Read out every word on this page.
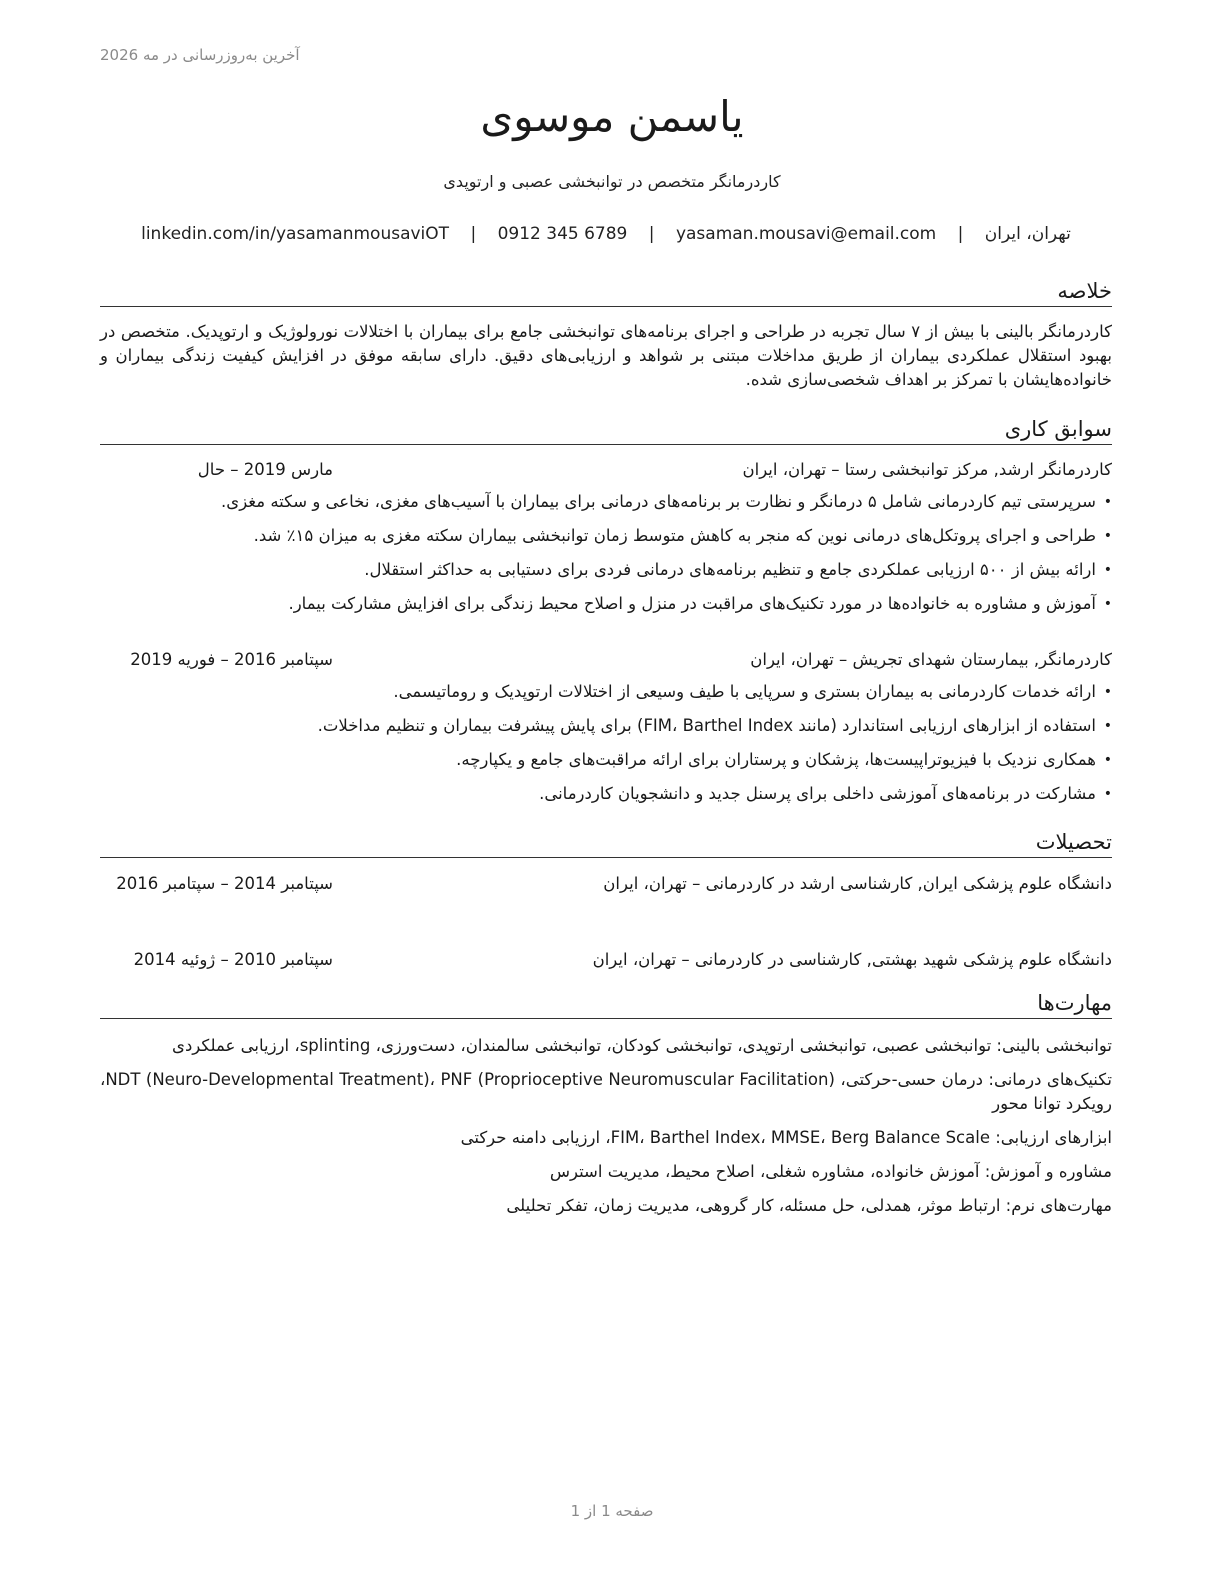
آخرین به‌روزرسانی در مه 2026
یاسمن موسوی
کاردرمانگر متخصص در توانبخشی عصبی و ارتوپدی
تهران، ایران | yasaman.mousavi@email.com | 0912 345 6789 | linkedin.com/in/yasamanmousaviOT
خلاصه

کاردرمانگر بالینی با بیش از ۷ سال تجربه در طراحی و اجرای برنامه‌های توانبخشی جامع برای بیماران با اختلالات نورولوژیک و ارتوپدیک. متخصص در بهبود استقلال عملکردی بیماران از طریق مداخلات مبتنی بر شواهد و ارزیابی‌های دقیق. دارای سابقه موفق در افزایش کیفیت زندگی بیماران و خانواده‌هایشان با تمرکز بر اهداف شخصی‌سازی شده.

سوابق کاری
کاردرمانگر ارشد, مرکز توانبخشی رستا – تهران، ایران
مارس 2019 – حال
• سرپرستی تیم کاردرمانی شامل ۵ درمانگر و نظارت بر برنامه‌های درمانی برای بیماران با آسیب‌های مغزی، نخاعی و سکته مغزی.
• طراحی و اجرای پروتکل‌های درمانی نوین که منجر به کاهش متوسط زمان توانبخشی بیماران سکته مغزی به میزان ۱۵٪ شد.
• ارائه بیش از ۵۰۰ ارزیابی عملکردی جامع و تنظیم برنامه‌های درمانی فردی برای دستیابی به حداکثر استقلال.
• آموزش و مشاوره به خانواده‌ها در مورد تکنیک‌های مراقبت در منزل و اصلاح محیط زندگی برای افزایش مشارکت بیمار.
کاردرمانگر, بیمارستان شهدای تجریش – تهران، ایران
سپتامبر 2016 – فوریه 2019
• ارائه خدمات کاردرمانی به بیماران بستری و سرپایی با طیف وسیعی از اختلالات ارتوپدیک و روماتیسمی.
• استفاده از ابزارهای ارزیابی استاندارد (مانند FIM، Barthel Index) برای پایش پیشرفت بیماران و تنظیم مداخلات.
• همکاری نزدیک با فیزیوتراپیست‌ها، پزشکان و پرستاران برای ارائه مراقبت‌های جامع و یکپارچه.
• مشارکت در برنامه‌های آموزشی داخلی برای پرسنل جدید و دانشجویان کاردرمانی.
تحصیلات
دانشگاه علوم پزشکی ایران, کارشناسی ارشد در کاردرمانی – تهران، ایران
سپتامبر 2014 – سپتامبر 2016
دانشگاه علوم پزشکی شهید بهشتی, کارشناسی در کاردرمانی – تهران، ایران
سپتامبر 2010 – ژوئیه 2014
مهارت‌ها
توانبخشی بالینی: توانبخشی عصبی، توانبخشی ارتوپدی، توانبخشی کودکان، توانبخشی سالمندان، دست‌ورزی، splinting، ارزیابی عملکردی
تکنیک‌های درمانی: درمان حسی-حرکتی، NDT (Neuro-Developmental Treatment)، PNF (Proprioceptive Neuromuscular Facilitation)، رویکرد توانا محور
ابزارهای ارزیابی: FIM، Barthel Index، MMSE، Berg Balance Scale، ارزیابی دامنه حرکتی
مشاوره و آموزش: آموزش خانواده، مشاوره شغلی، اصلاح محیط، مدیریت استرس
مهارت‌های نرم: ارتباط موثر، همدلی، حل مسئله، کار گروهی، مدیریت زمان، تفکر تحلیلی
صفحه 1 از 1
